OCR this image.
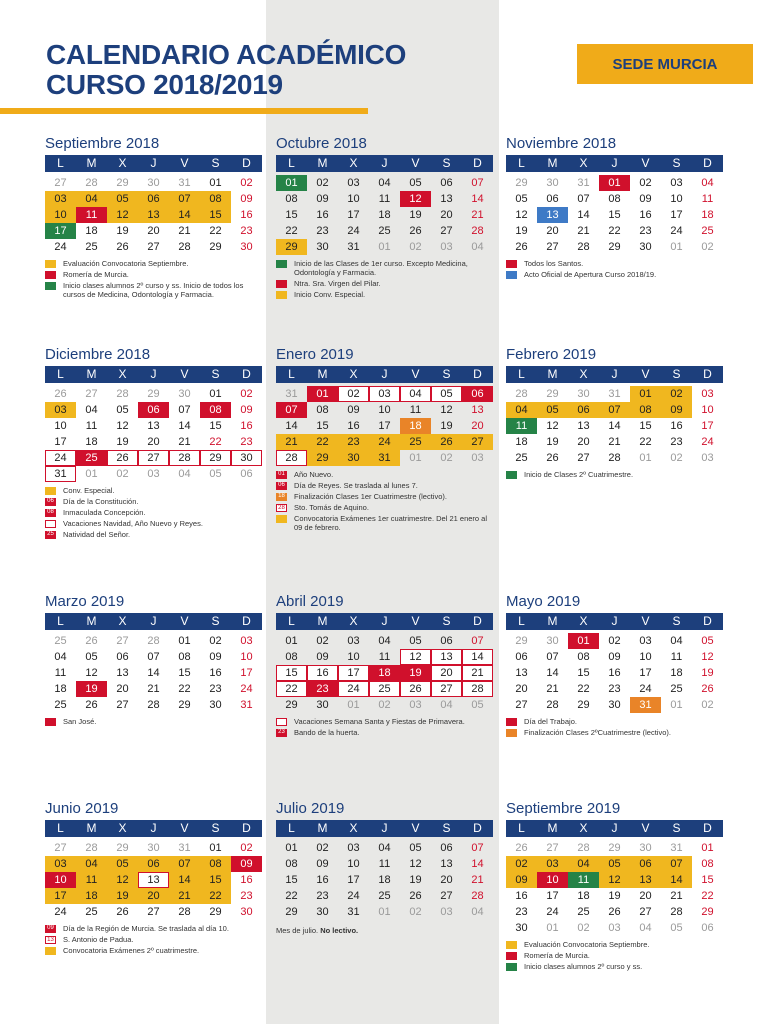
CALENDARIO ACADÉMICO
CURSO 2018/2019
SEDE MURCIA
Septiembre 2018
L	M	X	J	V	S	D
27	28	29	30	31	01	02
03	04	05	06	07	08	09
10	11	12	13	14	15	16
17	18	19	20	21	22	23
24	25	26	27	28	29	30
Evaluación Convocatoria Septiembre.
Romería de Murcia.
Inicio clases alumnos 2º curso y ss. Inicio de todos los cursos de Medicina, Odontología y Farmacia.
Octubre 2018
L	M	X	J	V	S	D
01	02	03	04	05	06	07
08	09	10	11	12	13	14
15	16	17	18	19	20	21
22	23	24	25	26	27	28
29	30	31	01	02	03	04
Inicio de las Clases de 1er curso. Excepto Medicina, Odontología y Farmacia.
Ntra. Sra. Virgen del Pilar.
Inicio Conv. Especial.
Noviembre 2018
L	M	X	J	V	S	D
29	30	31	01	02	03	04
05	06	07	08	09	10	11
12	13	14	15	16	17	18
19	20	21	22	23	24	25
26	27	28	29	30	01	02
Todos los Santos.
Acto Oficial de Apertura Curso 2018/19.
Diciembre 2018
L	M	X	J	V	S	D
26	27	28	29	30	01	02
03	04	05	06	07	08	09
10	11	12	13	14	15	16
17	18	19	20	21	22	23
24	25	26	27	28	29	30
31	01	02	03	04	05	06
Conv. Especial.
06 Día de la Constitución.
08 Inmaculada Concepción.
Vacaciones Navidad, Año Nuevo y Reyes.
25 Natividad del Señor.
Enero 2019
L	M	X	J	V	S	D
31	01	02	03	04	05	06
07	08	09	10	11	12	13
14	15	16	17	18	19	20
21	22	23	24	25	26	27
28	29	30	31	01	02	03
01 Año Nuevo.
06 Día de Reyes. Se traslada al lunes 7.
18 Finalización Clases 1er Cuatrimestre (lectivo).
28 Sto. Tomás de Aquino.
Convocatoria Exámenes 1er cuatrimestre. Del 21 enero al 09 de febrero.
Febrero 2019
L	M	X	J	V	S	D
28	29	30	31	01	02	03
04	05	06	07	08	09	10
11	12	13	14	15	16	17
18	19	20	21	22	23	24
25	26	27	28	01	02	03
Inicio de Clases 2º Cuatrimestre.
Marzo 2019
L	M	X	J	V	S	D
25	26	27	28	01	02	03
04	05	06	07	08	09	10
11	12	13	14	15	16	17
18	19	20	21	22	23	24
25	26	27	28	29	30	31
San José.
Abril 2019
L	M	X	J	V	S	D
01	02	03	04	05	06	07
08	09	10	11	12	13	14
15	16	17	18	19	20	21
22	23	24	25	26	27	28
29	30	01	02	03	04	05
Vacaciones Semana Santa y Fiestas de Primavera.
23 Bando de la huerta.
Mayo 2019
L	M	X	J	V	S	D
29	30	01	02	03	04	05
06	07	08	09	10	11	12
13	14	15	16	17	18	19
20	21	22	23	24	25	26
27	28	29	30	31	01	02
Día del Trabajo.
Finalización Clases 2ºCuatrimestre (lectivo).
Junio 2019
L	M	X	J	V	S	D
27	28	29	30	31	01	02
03	04	05	06	07	08	09
10	11	12	13	14	15	16
17	18	19	20	21	22	23
24	25	26	27	28	29	30
09 Día de la Región de Murcia. Se traslada al día 10.
13 S. Antonio de Padua.
Convocatoria Exámenes 2º cuatrimestre.
Julio 2019
L	M	X	J	V	S	D
01	02	03	04	05	06	07
08	09	10	11	12	13	14
15	16	17	18	19	20	21
22	23	24	25	26	27	28
29	30	31	01	02	03	04
Mes de julio. No lectivo.
Septiembre 2019
L	M	X	J	V	S	D
26	27	28	29	30	31	01
02	03	04	05	06	07	08
09	10	11	12	13	14	15
16	17	18	19	20	21	22
23	24	25	26	27	28	29
30	01	02	03	04	05	06
Evaluación Convocatoria Septiembre.
Romería de Murcia.
Inicio clases alumnos 2º curso y ss.
